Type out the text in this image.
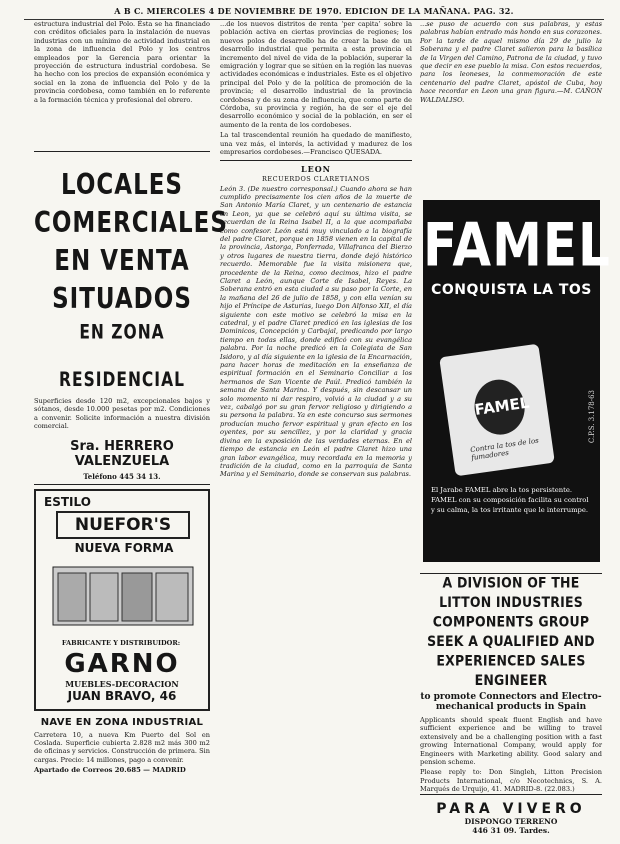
A B C. MIERCOLES 4 DE NOVIEMBRE DE 1970. EDICION DE LA MAÑANA. PAG. 32.

estructura industrial del Polo. Ésta se ha financiado con créditos oficiales para la instalación de nuevas industrias con un mínimo de actividad industrial en la zona de influencia del Polo y los centros empleados por la Gerencia para orientar la proyección de estructura industrial cordobesa. Se ha hecho con los precios de expansión económica y social en la zona de influencia del Polo y de la provincia cordobesa, como también en lo referente a la formación técnica y profesional del obrero.

LOCALES

COMERCIALES

EN VENTA

SITUADOS

EN ZONA RESIDENCIAL

Superficies desde 120 m2, excepcionales bajos y sótanos, desde 10.000 pesetas por m2. Condiciones a convenir. Solicite información a nuestra división comercial.

Sra. HERRERO VALENZUELA
Teléfono 445 34 13.
ESTILO
NUEFOR'S
NUEVA FORMA
FABRICANTE Y DISTRIBUIDOR:
GARNO
MUEBLES-DECORACION
JUAN BRAVO, 46
NAVE EN ZONA INDUSTRIAL

Carretera 10, a nueva Km Puerto del Sol en Coslada. Superficie cubierta 2.828 m2 más 300 m2 de oficinas y servicios. Construcción de primera. Sin cargas. Precio: 14 millones, pago a convenir.

Apartado de Correos 20.685 — MADRID

...de los nuevos distritos de renta ‘per capita’ sobre la población activa en ciertas provincias de regiones; los nuevos polos de desarrollo ha de crear la base de un desarrollo industrial que permita a esta provincia el incremento del nivel de vida de la población, superar la emigración y lograr que se sitúen en la región las nuevas actividades económicas e industriales. Este es el objetivo principal del Polo y de la política de promoción de la provincia; el desarrollo industrial de la provincia cordobesa y de su zona de influencia, que como parte de Córdoba, su provincia y región, ha de ser el eje del desarrollo económico y social de la población, en ser el aumento de la renta de los cordobeses.

La tal trascendental reunión ha quedado de manifiesto, una vez más, el interés, la actividad y madurez de los empresarios cordobeses.—Francisco QUESADA.

LEON
RECUERDOS CLARETIANOS

León 3. (De nuestro corresponsal.) Cuando ahora se han cumplido precisamente los cien años de la muerte de San Antonio María Claret, y un centenario de estancia en Leon, ya que se celebró aquí su última visita, se recuerdan de la Reina Isabel II, a la que acompañaba como confesor. León está muy vinculado a la biografía del padre Claret, porque en 1858 vienen en la capital de la provincia, Astorga, Ponferrada, Villafranca del Bierzo y otros lugares de nuestra tierra, donde dejó histórico recuerdo. Memorable fue la visita misionera que, procedente de la Reina, como decimos, hizo el padre Claret a León, aunque Corte de Isabel, Reyes. La Soberana entró en esta ciudad a su paso por la Corte, en la mañana del 26 de julio de 1858, y con ella venían su hijo el Príncipe de Asturias, luego Don Alfonso XII, el día siguiente con este motivo se celebró la misa en la catedral, y el padre Claret predicó en las iglesias de los Dominicos, Concepción y Carbajal, predicando por largo tiempo en todas ellas, donde edificó con su evangélica palabra. Por la noche predicó en la Colegiata de San Isidoro, y al día siguiente en la iglesia de la Encarnación, para hacer horas de meditación en la enseñanza de espiritual formación en el Seminario Conciliar a los hermanos de San Vicente de Paúl. Predicó también la semana de Santa Marina. Y después, sin descansar un solo momento ni dar respiro, volvió a la ciudad y a su vez, cabalgó por su gran fervor religioso y dirigiendo a su persona la palabra. Ya en este concurso sus sermones producían mucho fervor espiritual y gran efecto en los oyentes, por su sencillez, y por la claridad y gracia divina en la exposición de las verdades eternas. En el tiempo de estancia en León el padre Claret hizo una gran labor evangélica, muy recordada en la memoria y tradición de la ciudad, como en la parroquia de Santa Marina y el Seminario, donde se conservan sus palabras.

...se puso de acuerdo con sus palabras, y estas palabras habían entrado más hondo en sus corazones. Por la tarde de aquel mismo día 29 de julio la Soberana y el padre Claret salieron para la basílica de la Virgen del Camino, Patrona de la ciudad, y tuvo que decir en ese pueblo la misa. Con estos recuerdos, para los leoneses, la conmemoración de este centenario del padre Claret, apóstol de Cuba, hoy hace recordar en Leon una gran figura.—M. CAÑON WALDALISO.

FAMEL
CONQUISTA LA TOS
FAMEL
Contra la tos de los fumadores
C.P.S. 3.178-63
El Jarabe FAMEL abre la tos persistente. FAMEL con su composición facilita su control y su calma, la tos irritante que le interrumpe.
A DIVISION OF THE LITTON INDUSTRIES COMPONENTS GROUP SEEK A QUALIFIED AND EXPERIENCED SALES ENGINEER
to promote Connectors and Electro-mechanical products in Spain

Applicants should speak fluent English and have sufficient experience and be willing to travel extensively and be a challenging position with a fast growing International Company, would apply for Engineers with Marketing ability. Good salary and pension scheme.

Please reply to: Don Singleh, Litton Precision Products International, c/o Necotechnics, S. A. Marqués de Urquijo, 41. MADRID-8. (22.083.)

PARA VIVERO
DISPONGO TERRENO
446 31 09. Tardes.
